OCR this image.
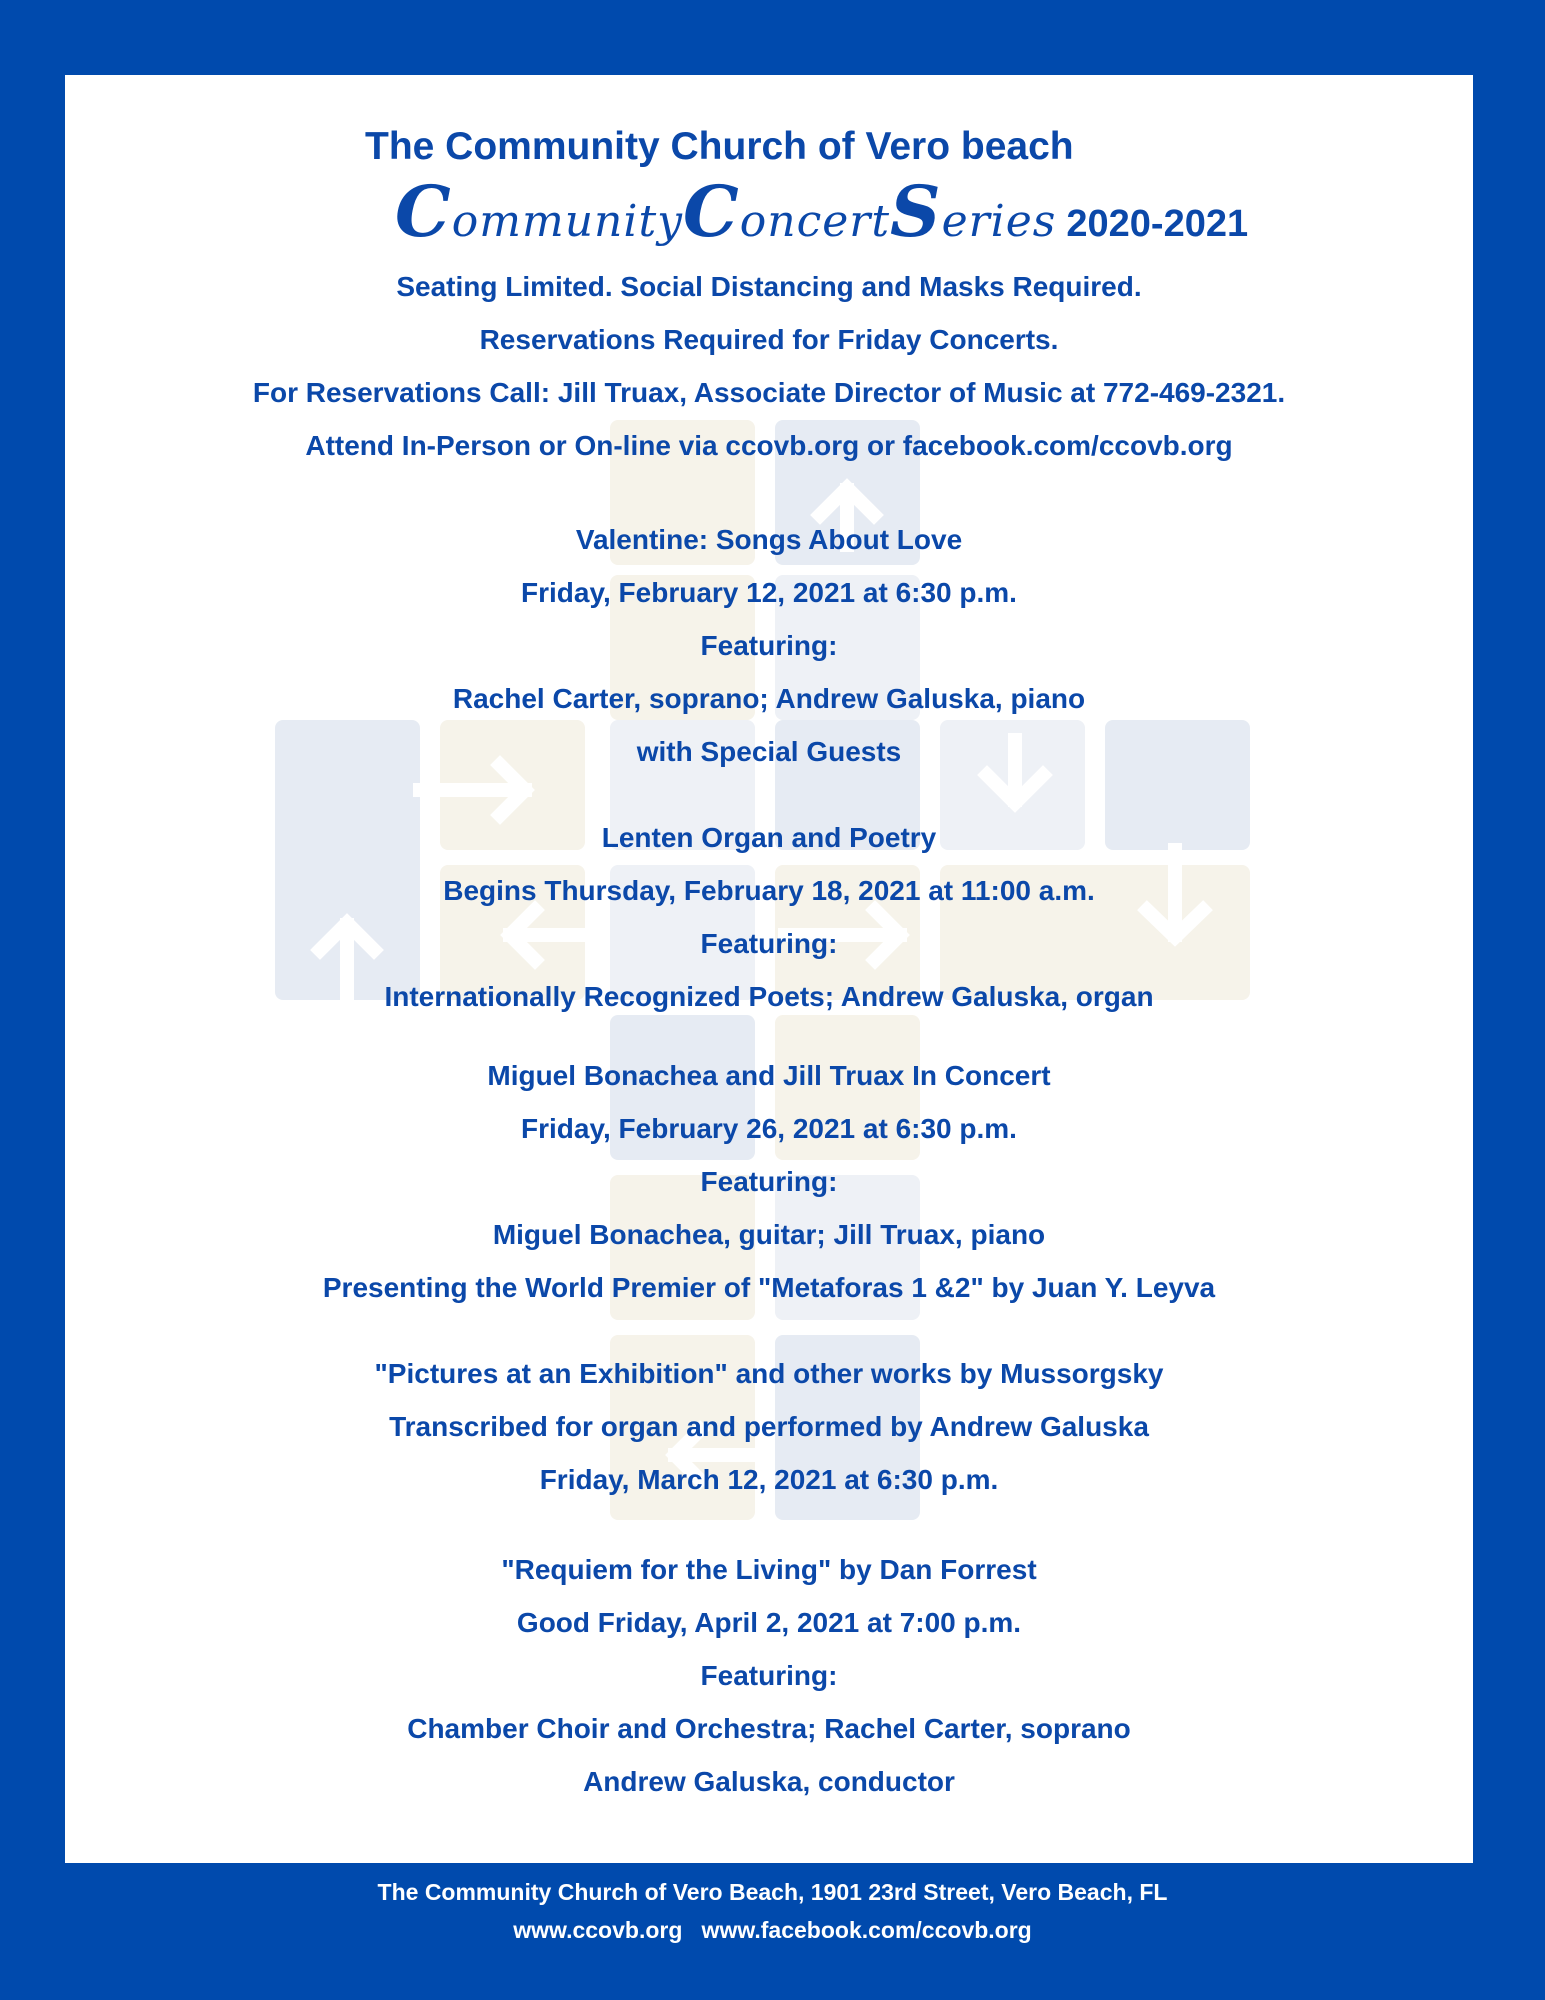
The Community Church of Vero beach
CommunityConcertSeries 2020-2021
Seating Limited. Social Distancing and Masks Required.
Reservations Required for Friday Concerts.
For Reservations Call: Jill Truax, Associate Director of Music at 772-469-2321.
Attend In-Person or On-line via ccovb.org or facebook.com/ccovb.org
Valentine: Songs About Love
Friday, February 12, 2021 at 6:30 p.m.
Featuring:
Rachel Carter, soprano; Andrew Galuska, piano
with Special Guests
Lenten Organ and Poetry
Begins Thursday, February 18, 2021 at 11:00 a.m.
Featuring:
Internationally Recognized Poets; Andrew Galuska, organ
Miguel Bonachea and Jill Truax In Concert
Friday, February 26, 2021 at 6:30 p.m.
Featuring:
Miguel Bonachea, guitar; Jill Truax, piano
Presenting the World Premier of "Metaforas 1 &2" by Juan Y. Leyva
"Pictures at an Exhibition" and other works by Mussorgsky
Transcribed for organ and performed by Andrew Galuska
Friday, March 12, 2021 at 6:30 p.m.
"Requiem for the Living" by Dan Forrest
Good Friday, April 2, 2021 at 7:00 p.m.
Featuring:
Chamber Choir and Orchestra; Rachel Carter, soprano
Andrew Galuska, conductor
The Community Church of Vero Beach, 1901 23rd Street, Vero Beach, FL
www.ccovb.org   www.facebook.com/ccovb.org
